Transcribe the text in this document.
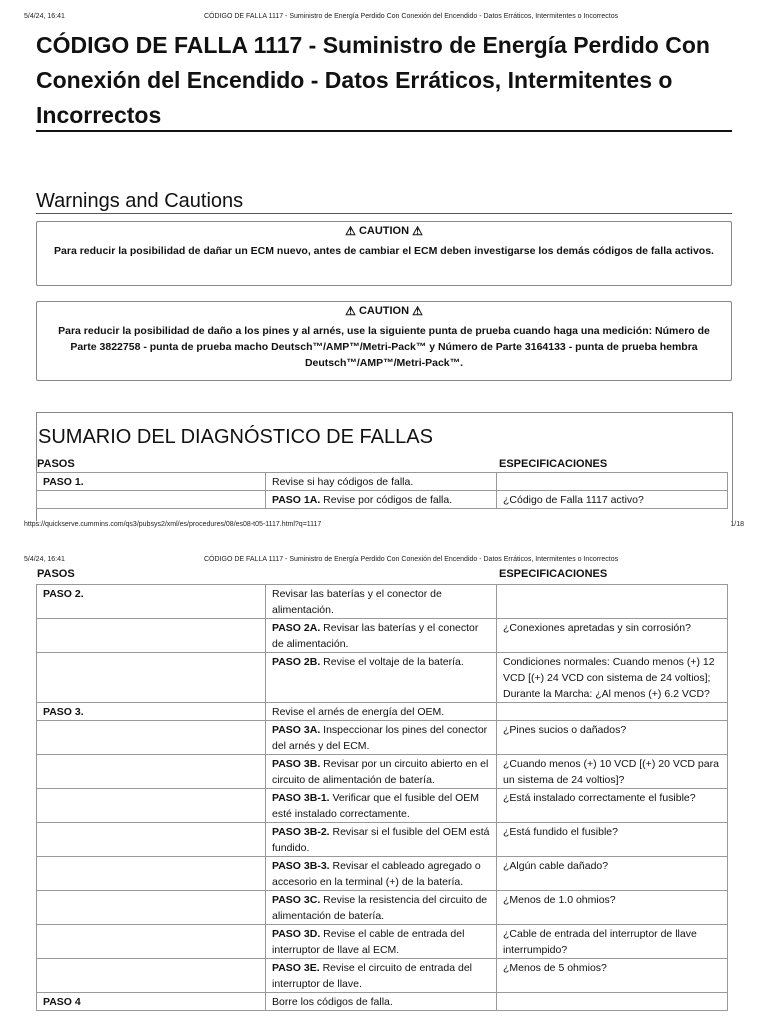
5/4/24, 16:41	CÓDIGO DE FALLA 1117 - Suministro de Energía Perdido Con Conexión del Encendido - Datos Erráticos, Intermitentes o Incorrectos
CÓDIGO DE FALLA 1117 - Suministro de Energía Perdido Con Conexión del Encendido - Datos Erráticos, Intermitentes o Incorrectos
Warnings and Cautions
⚠ CAUTION ⚠
Para reducir la posibilidad de dañar un ECM nuevo, antes de cambiar el ECM deben investigarse los demás códigos de falla activos.
⚠ CAUTION ⚠
Para reducir la posibilidad de daño a los pines y al arnés, use la siguiente punta de prueba cuando haga una medición: Número de Parte 3822758 - punta de prueba macho Deutsch™/AMP™/Metri-Pack™ y Número de Parte 3164133 - punta de prueba hembra Deutsch™/AMP™/Metri-Pack™.
SUMARIO DEL DIAGNÓSTICO DE FALLAS
PASOS	ESPECIFICACIONES
PASO 1.	Revise si hay códigos de falla.	
	PASO 1A. Revise por códigos de falla.	¿Código de Falla 1117 activo?
https://quickserve.cummins.com/qs3/pubsys2/xml/es/procedures/08/es08-t05-1117.html?q=1117	1/18
5/4/24, 16:41	CÓDIGO DE FALLA 1117 - Suministro de Energía Perdido Con Conexión del Encendido - Datos Erráticos, Intermitentes o Incorrectos
PASOS	ESPECIFICACIONES
PASO 2.	Revisar las baterías y el conector de alimentación.	
	PASO 2A. Revisar las baterías y el conector de alimentación.	¿Conexiones apretadas y sin corrosión?
	PASO 2B. Revise el voltaje de la batería.	Condiciones normales: Cuando menos (+) 12 VCD [(+) 24 VCD con sistema de 24 voltios]; Durante la Marcha: ¿Al menos (+) 6.2 VCD?
PASO 3.	Revise el arnés de energía del OEM.	
	PASO 3A. Inspeccionar los pines del conector del arnés y del ECM.	¿Pines sucios o dañados?
	PASO 3B. Revisar por un circuito abierto en el circuito de alimentación de batería.	¿Cuando menos (+) 10 VCD [(+) 20 VCD para un sistema de 24 voltios]?
	PASO 3B-1. Verificar que el fusible del OEM esté instalado correctamente.	¿Está instalado correctamente el fusible?
	PASO 3B-2. Revisar si el fusible del OEM está fundido.	¿Está fundido el fusible?
	PASO 3B-3. Revisar el cableado agregado o accesorio en la terminal (+) de la batería.	¿Algún cable dañado?
	PASO 3C. Revise la resistencia del circuito de alimentación de batería.	¿Menos de 1.0 ohmios?
	PASO 3D. Revise el cable de entrada del interruptor de llave al ECM.	¿Cable de entrada del interruptor de llave interrumpido?
	PASO 3E. Revise el circuito de entrada del interruptor de llave.	¿Menos de 5 ohmios?
PASO 4	Borre los códigos de falla.	
